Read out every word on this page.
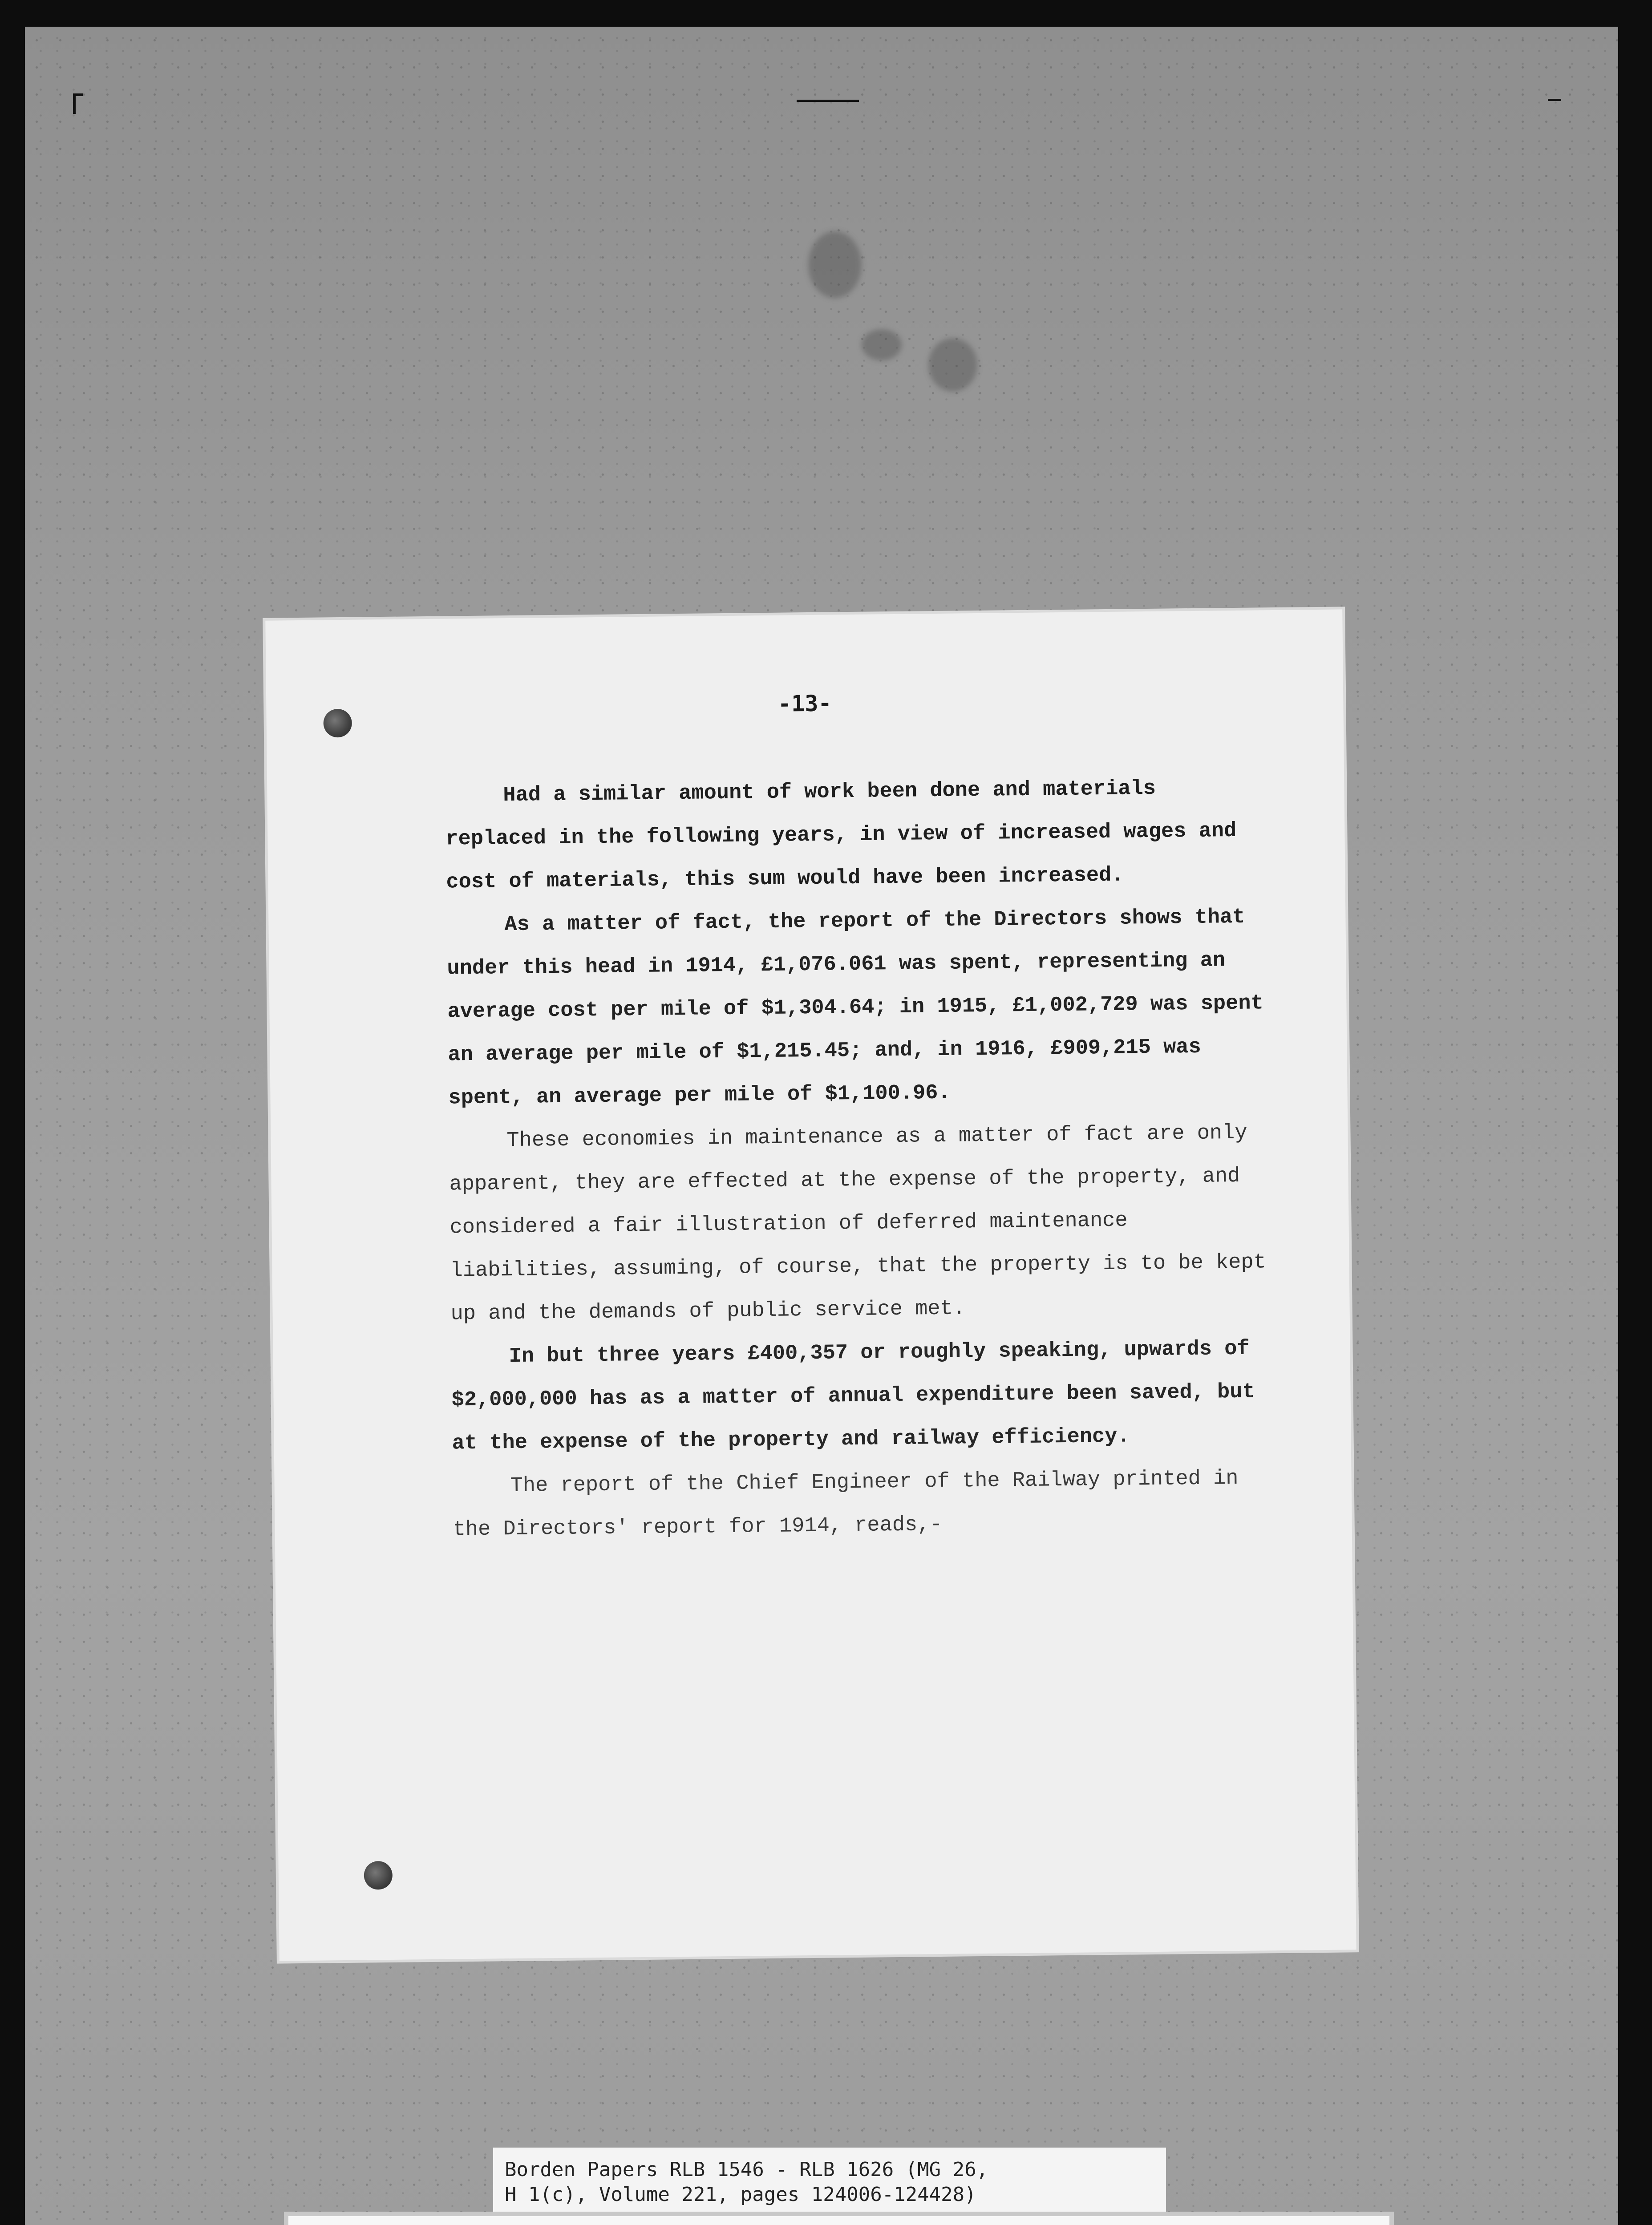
-13-

Had a similar amount of work been done and materials replaced in the following years, in view of increased wages and cost of materials, this sum would have been increased.

As a matter of fact, the report of the Directors shows that under this head in 1914, £1,076.061 was spent, representing an average cost per mile of $1,304.64; in 1915, £1,002,729 was spent an average per mile of $1,215.45; and, in 1916, £909,215 was spent, an average per mile of $1,100.96.

These economies in maintenance as a matter of fact are only apparent, they are effected at the expense of the property, and considered a fair illustration of deferred maintenance liabilities, assuming, of course, that the property is to be kept up and the demands of public service met.

In but three years £400,357 or roughly speaking, upwards of $2,000,000 has as a matter of annual expenditure been saved, but at the expense of the property and railway efficiency.

The report of the Chief Engineer of the Railway printed in the Directors' report for 1914, reads,-

Borden Papers RLB 1546 - RLB 1626 (MG 26,
H 1(c), Volume 221, pages 124006-124428)
